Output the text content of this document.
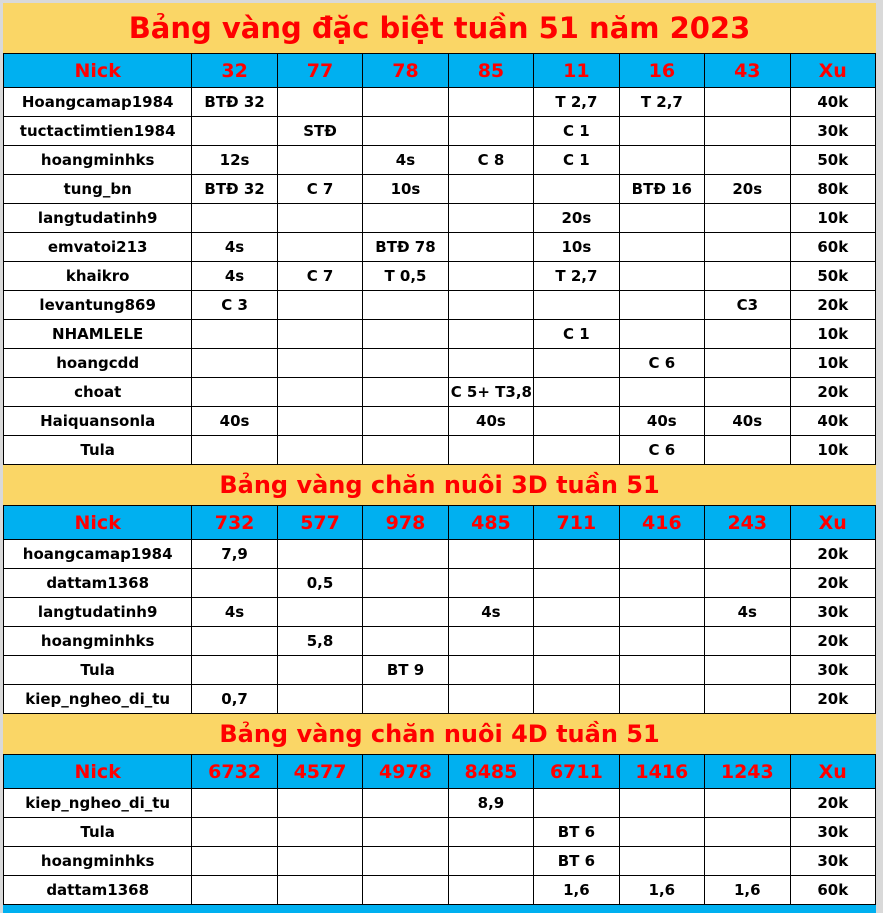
Bảng vàng đặc biệt tuần 51 năm 2023
Nick	32	77	78	85	11	16	43	Xu
Hoangcamap1984	BTĐ 32				T 2,7	T 2,7		40k
tuctactimtien1984		STĐ			C 1			30k
hoangminhks	12s		4s	C 8	C 1			50k
tung_bn	BTĐ 32	C 7	10s			BTĐ 16	20s	80k
langtudatinh9					20s			10k
emvatoi213	4s		BTĐ 78		10s			60k
khaikro	4s	C 7	T 0,5		T 2,7			50k
levantung869	C 3						C3	20k
NHAMLELE					C 1			10k
hoangcdd						C 6		10k
choat				C 5+ T3,8				20k
Haiquansonla	40s			40s		40s	40s	40k
Tula						C 6		10k
Bảng vàng chăn nuôi 3D tuần 51
Nick	732	577	978	485	711	416	243	Xu
hoangcamap1984	7,9							20k
dattam1368		0,5						20k
langtudatinh9	4s			4s			4s	30k
hoangminhks		5,8						20k
Tula			BT 9					30k
kiep_ngheo_di_tu	0,7							20k
Bảng vàng chăn nuôi 4D tuần 51
Nick	6732	4577	4978	8485	6711	1416	1243	Xu
kiep_ngheo_di_tu				8,9				20k
Tula					BT 6			30k
hoangminhks					BT 6			30k
dattam1368					1,6	1,6	1,6	60k
